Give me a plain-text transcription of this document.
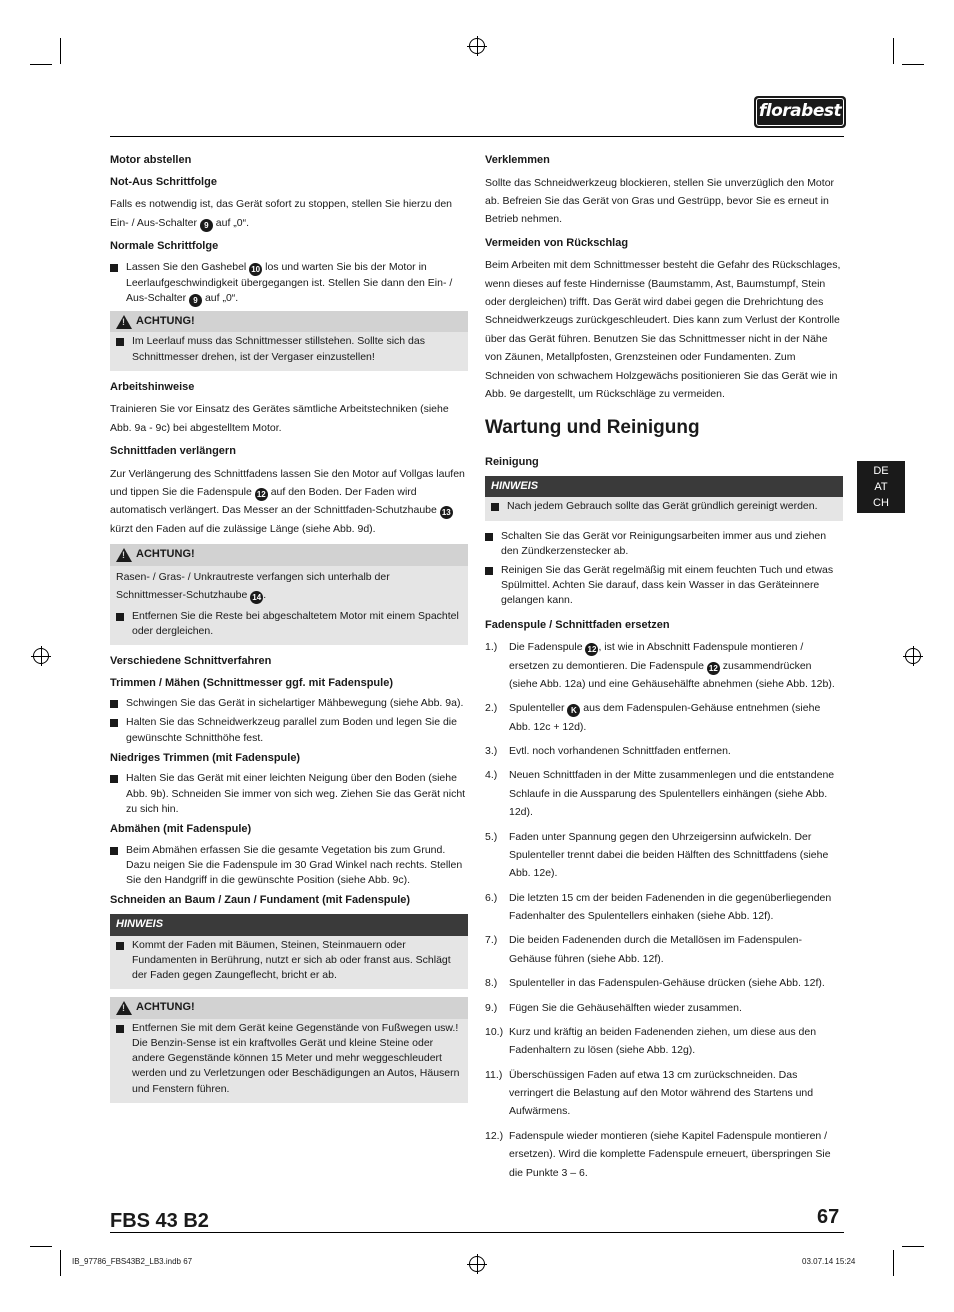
florabest
Motor abstellen
Not-Aus Schrittfolge

Falls es notwendig ist, das Gerät sofort zu stoppen, stellen Sie hierzu den Ein- / Aus-Schalter 9 auf „0“.

Normale Schrittfolge
Lassen Sie den Gashebel 10 los und warten Sie bis der Motor in Leerlaufgeschwindigkeit übergegangen ist. Stellen Sie dann den Ein- / Aus-Schalter 9 auf „0“.
!
ACHTUNG!
Im Leerlauf muss das Schnittmesser stillstehen. Sollte sich das Schnittmesser drehen, ist der Vergaser einzustellen!
Arbeitshinweise

Trainieren Sie vor Einsatz des Gerätes sämtliche Arbeitstechniken (siehe Abb. 9a - 9c) bei abgestelltem Motor.

Schnittfaden verlängern

Zur Verlängerung des Schnittfadens lassen Sie den Motor auf Vollgas laufen und tippen Sie die Fadenspule 12 auf den Boden. Der Faden wird automatisch verlängert. Das Messer an der Schnittfaden-Schutzhaube 13 kürzt den Faden auf die zulässige Länge (siehe Abb. 9d).

!
ACHTUNG!

Rasen- / Gras- / Unkrautreste verfangen sich unterhalb der Schnittmesser-Schutzhaube 14 .

Entfernen Sie die Reste bei abgeschaltetem Motor mit einem Spachtel oder dergleichen.
Verschiedene Schnittverfahren
Trimmen / Mähen (Schnittmesser ggf. mit Fadenspule)
Schwingen Sie das Gerät in sichelartiger Mähbewegung (siehe Abb. 9a).
Halten Sie das Schneidwerkzeug parallel zum Boden und legen Sie die gewünschte Schnitthöhe fest.
Niedriges Trimmen (mit Fadenspule)
Halten Sie das Gerät mit einer leichten Neigung über den Boden (siehe Abb. 9b). Schneiden Sie immer von sich weg. Ziehen Sie das Gerät nicht zu sich hin.
Abmähen (mit Fadenspule)
Beim Abmähen erfassen Sie die gesamte Vegetation bis zum Grund. Dazu neigen Sie die Fadenspule im 30 Grad Winkel nach rechts. Stellen Sie den Handgriff in die gewünschte Position (siehe Abb. 9c).
Schneiden an Baum / Zaun / Fundament (mit Fadenspule)
HINWEIS
Kommt der Faden mit Bäumen, Steinen, Steinmauern oder Fundamenten in Berührung, nutzt er sich ab oder franst aus. Schlägt der Faden gegen Zaungeflecht, bricht er ab.
!
ACHTUNG!
Entfernen Sie mit dem Gerät keine Gegenstände von Fußwegen usw.! Die Benzin-Sense ist ein kraftvolles Gerät und kleine Steine oder andere Gegenstände können 15 Meter und mehr weggeschleudert werden und zu Verletzungen oder Beschädigungen an Autos, Häusern und Fenstern führen.
Verklemmen

Sollte das Schneidwerkzeug blockieren, stellen Sie unverzüglich den Motor ab. Befreien Sie das Gerät von Gras und Gestrüpp, bevor Sie es erneut in Betrieb nehmen.

Vermeiden von Rückschlag

Beim Arbeiten mit dem Schnittmesser besteht die Gefahr des Rückschlages, wenn dieses auf feste Hindernisse (Baumstamm, Ast, Baumstumpf, Stein oder dergleichen) trifft. Das Gerät wird dabei gegen die Drehrichtung des Schneidwerkzeugs zurückgeschleudert. Dies kann zum Verlust der Kontrolle über das Gerät führen. Benutzen Sie das Schnittmesser nicht in der Nähe von Zäunen, Metallpfosten, Grenzsteinen oder Fundamenten. Zum Schneiden von schwachem Holzgewächs positionieren Sie das Gerät wie in Abb. 9e dargestellt, um Rückschläge zu vermeiden.

Wartung und Reinigung
Reinigung
HINWEIS
Nach jedem Gebrauch sollte das Gerät gründlich gereinigt werden.
Schalten Sie das Gerät vor Reinigungsarbeiten immer aus und ziehen den Zündkerzenstecker ab.
Reinigen Sie das Gerät regelmäßig mit einem feuchten Tuch und etwas Spülmittel. Achten Sie darauf, dass kein Wasser in das Geräteinnere gelangen kann.
Fadenspule / Schnittfaden ersetzen
1.) Die Fadenspule 12 , ist wie in Abschnitt Fadenspule montieren / ersetzen zu demontieren. Die Fadenspule 12 zusammendrücken (siehe Abb. 12a) und eine Gehäusehälfte abnehmen (siehe Abb. 12b).
2.) Spulenteller K aus dem Fadenspulen-Gehäuse entnehmen (siehe Abb. 12c + 12d).
3.) Evtl. noch vorhandenen Schnittfaden entfernen.
4.) Neuen Schnittfaden in der Mitte zusammenlegen und die entstandene Schlaufe in die Aussparung des Spulentellers einhängen (siehe Abb. 12d).
5.) Faden unter Spannung gegen den Uhrzeigersinn aufwickeln. Der Spulenteller trennt dabei die beiden Hälften des Schnittfadens (siehe Abb. 12e).
6.) Die letzten 15 cm der beiden Fadenenden in die gegenüberliegenden Fadenhalter des Spulentellers einhaken (siehe Abb. 12f).
7.) Die beiden Fadenenden durch die Metallösen im Fadenspulen-Gehäuse führen (siehe Abb. 12f).
8.) Spulenteller in das Fadenspulen-Gehäuse drücken (siehe Abb. 12f).
9.) Fügen Sie die Gehäusehälften wieder zusammen.
10.) Kurz und kräftig an beiden Fadenenden ziehen, um diese aus den Fadenhaltern zu lösen (siehe Abb. 12g).
11.) Überschüssigen Faden auf etwa 13 cm zurückschneiden. Das verringert die Belastung auf den Motor während des Startens und Aufwärmens.
12.) Fadenspule wieder montieren (siehe Kapitel Fadenspule montieren / ersetzen). Wird die komplette Fadenspule erneuert, überspringen Sie die Punkte 3 – 6.
DE
AT
CH
FBS 43 B2	67
IB_97786_FBS43B2_LB3.indb 67	03.07.14 15:24
